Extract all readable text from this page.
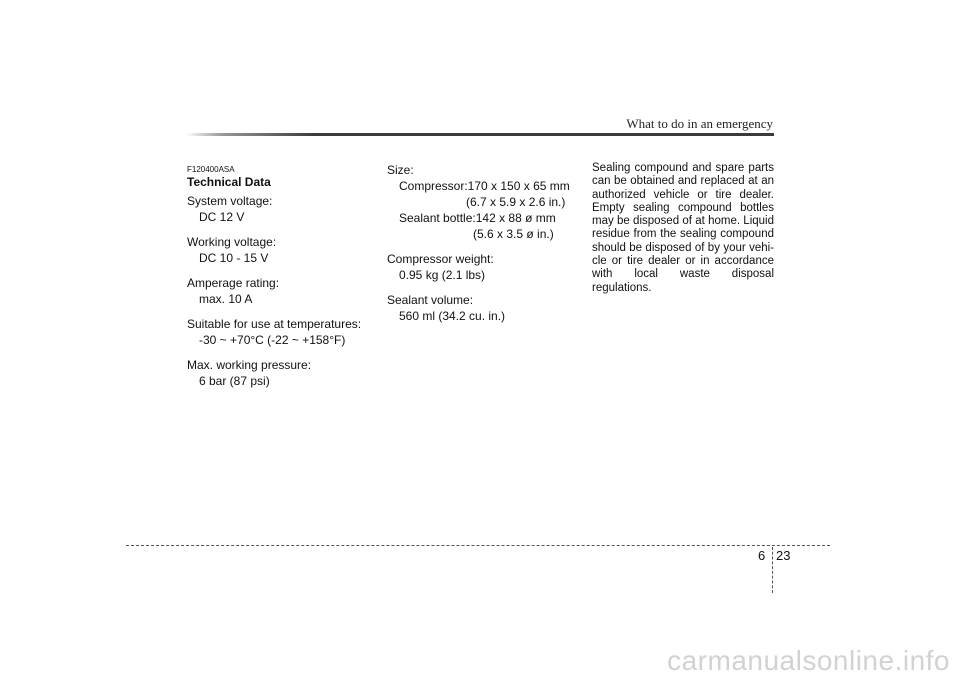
What to do in an emergency
F120400ASA
Technical Data
System voltage:
DC 12 V
Working voltage:
DC 10 - 15 V
Amperage rating:
max. 10 A
Suitable for use at temperatures:
-30 ~ +70°C (-22 ~ +158°F)
Max. working pressure:
6 bar (87 psi)
Size:
Compressor:170 x 150 x 65 mm
(6.7 x 5.9 x 2.6 in.)
Sealant bottle:142 x 88 ø mm
(5.6 x 3.5 ø in.)
Compressor weight:
0.95 kg (2.1 lbs)
Sealant volume:
560 ml (34.2 cu. in.)

Sealing compound and spare parts can be obtained and replaced at an authorized vehicle or tire dealer. Empty sealing compound bottles may be disposed of at home. Liquid residue from the sealing compound should be disposed of by your vehi-cle or tire dealer or in accordance with local waste disposal regulations.

6 23
carmanualsonline.info
